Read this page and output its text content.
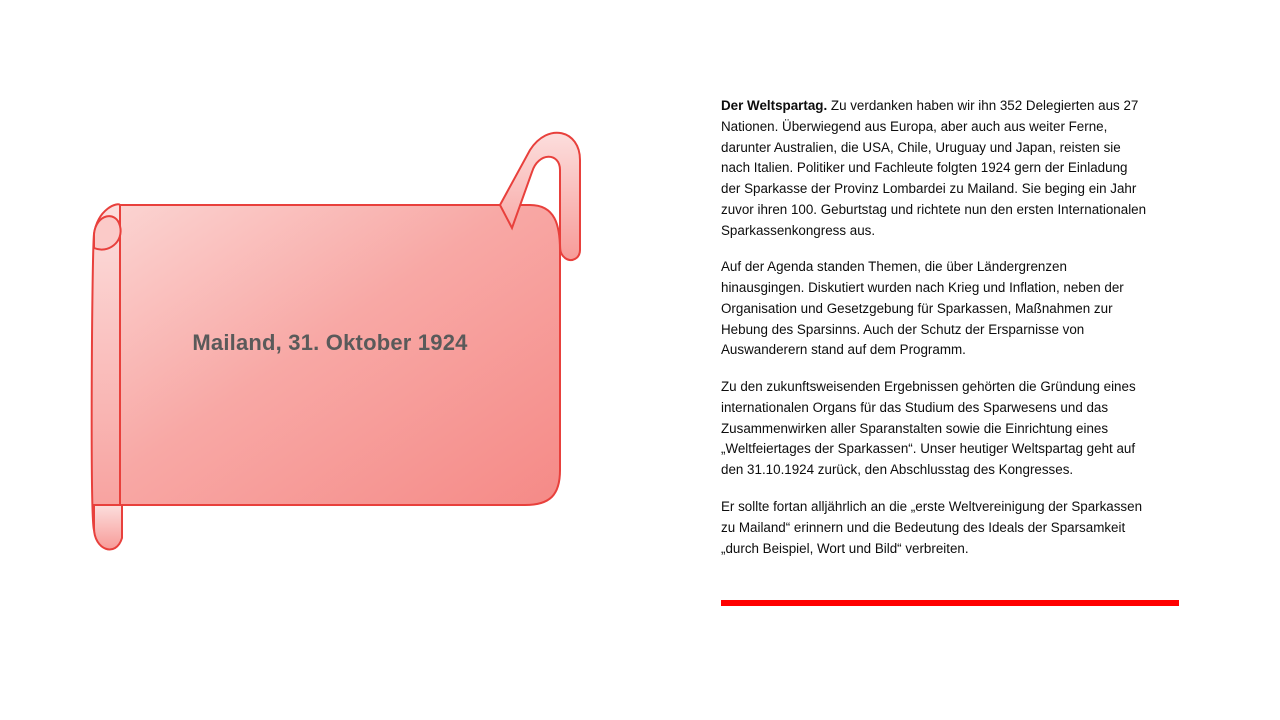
Mailand, 31. Oktober 1924

Der Weltspartag. Zu verdanken haben wir ihn 352 Delegierten aus 27 Nationen. Überwiegend aus Europa, aber auch aus weiter Ferne, darunter Australien, die USA, Chile, Uruguay und Japan, reisten sie nach Italien. Politiker und Fachleute folgten 1924 gern der Einladung der Sparkasse der Provinz Lombardei zu Mailand. Sie beging ein Jahr zuvor ihren 100. Geburtstag und richtete nun den ersten Internationalen Sparkassenkongress aus.

Auf der Agenda standen Themen, die über Ländergrenzen hinausgingen. Diskutiert wurden nach Krieg und Inflation, neben der Organisation und Gesetzgebung für Sparkassen, Maßnahmen zur Hebung des Sparsinns. Auch der Schutz der Ersparnisse von Auswanderern stand auf dem Programm.

Zu den zukunftsweisenden Ergebnissen gehörten die Gründung eines internationalen Organs für das Studium des Sparwesens und das Zusammenwirken aller Sparanstalten sowie die Einrichtung eines „Weltfeiertages der Sparkassen“. Unser heutiger Weltspartag geht auf den 31.10.1924 zurück, den Abschlusstag des Kongresses.

Er sollte fortan alljährlich an die „erste Weltvereinigung der Sparkassen zu Mailand“ erinnern und die Bedeutung des Ideals der Sparsamkeit „durch Beispiel, Wort und Bild“ verbreiten.
